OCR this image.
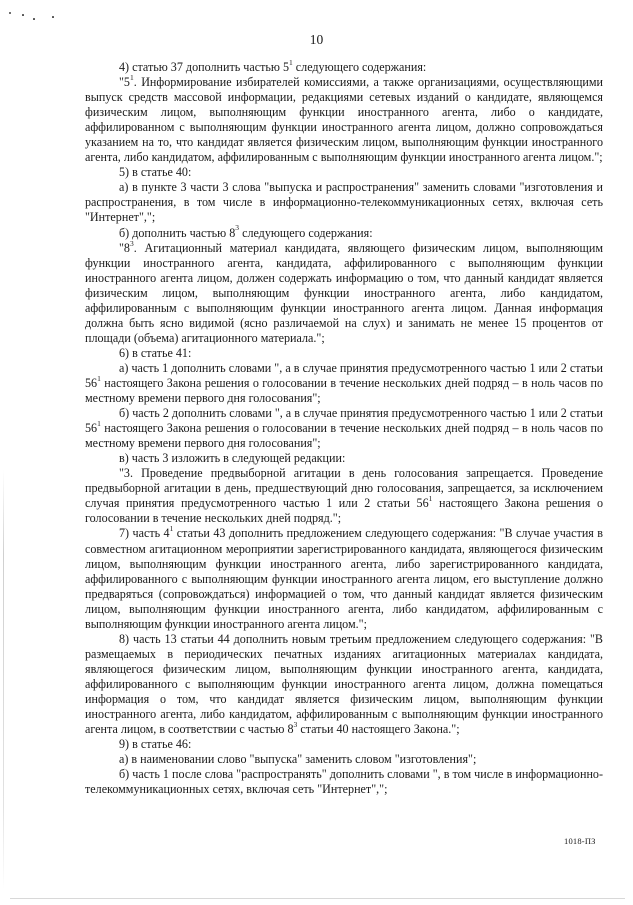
10

4) статью 37 дополнить частью $5^1$ следующего содержания:

"$5^1$. Информирование избирателей комиссиями, а также организациями, осуществляющими выпуск средств массовой информации, редакциями сетевых изданий о кандидате, являющемся физическим лицом, выполняющим функции иностранного агента, либо о кандидате, аффилированном с выполняющим функции иностранного агента лицом, должно сопровождаться указанием на то, что кандидат является физическим лицом, выполняющим функции иностранного агента, либо кандидатом, аффилированным с выполняющим функции иностранного агента лицом.";

5) в статье 40:

а) в пункте 3 части 3 слова "выпуска и распространения" заменить словами "изготовления и распространения, в том числе в информационно-телекоммуникационных сетях, включая сеть "Интернет",";

б) дополнить частью $8^3$ следующего содержания:

"$8^3$. Агитационный материал кандидата, являющего физическим лицом, выполняющим функции иностранного агента, кандидата, аффилированного с выполняющим функции иностранного агента лицом, должен содержать информацию о том, что данный кандидат является физическим лицом, выполняющим функции иностранного агента, либо кандидатом, аффилированным с выполняющим функции иностранного агента лицом. Данная информация должна быть ясно видимой (ясно различаемой на слух) и занимать не менее 15 процентов от площади (объема) агитационного материала.";

6) в статье 41:

а) часть 1 дополнить словами ", а в случае принятия предусмотренного частью 1 или 2 статьи $56^1$ настоящего Закона решения о голосовании в течение нескольких дней подряд – в ноль часов по местному времени первого дня голосования";

б) часть 2 дополнить словами ", а в случае принятия предусмотренного частью 1 или 2 статьи $56^1$ настоящего Закона решения о голосовании в течение нескольких дней подряд – в ноль часов по местному времени первого дня голосования";

в) часть 3 изложить в следующей редакции:

"3. Проведение предвыборной агитации в день голосования запрещается. Проведение предвыборной агитации в день, предшествующий дню голосования, запрещается, за исключением случая принятия предусмотренного частью 1 или 2 статьи $56^1$ настоящего Закона решения о голосовании в течение нескольких дней подряд.";

7) часть $4^1$ статьи 43 дополнить предложением следующего содержания: "В случае участия в совместном агитационном мероприятии зарегистрированного кандидата, являющегося физическим лицом, выполняющим функции иностранного агента, либо зарегистрированного кандидата, аффилированного с выполняющим функции иностранного агента лицом, его выступление должно предваряться (сопровождаться) информацией о том, что данный кандидат является физическим лицом, выполняющим функции иностранного агента, либо кандидатом, аффилированным с выполняющим функции иностранного агента лицом.";

8) часть 13 статьи 44 дополнить новым третьим предложением следующего содержания: "В размещаемых в периодических печатных изданиях агитационных материалах кандидата, являющегося физическим лицом, выполняющим функции иностранного агента, кандидата, аффилированного с выполняющим функции иностранного агента лицом, должна помещаться информация о том, что кандидат является физическим лицом, выполняющим функции иностранного агента, либо кандидатом, аффилированным с выполняющим функции иностранного агента лицом, в соответствии с частью $8^3$ статьи 40 настоящего Закона.";

9) в статье 46:

а) в наименовании слово "выпуска" заменить словом "изготовления";

б) часть 1 после слова "распространять" дополнить словами ", в том числе в информационно-телекоммуникационных сетях, включая сеть "Интернет",";

1018-ПЗ
